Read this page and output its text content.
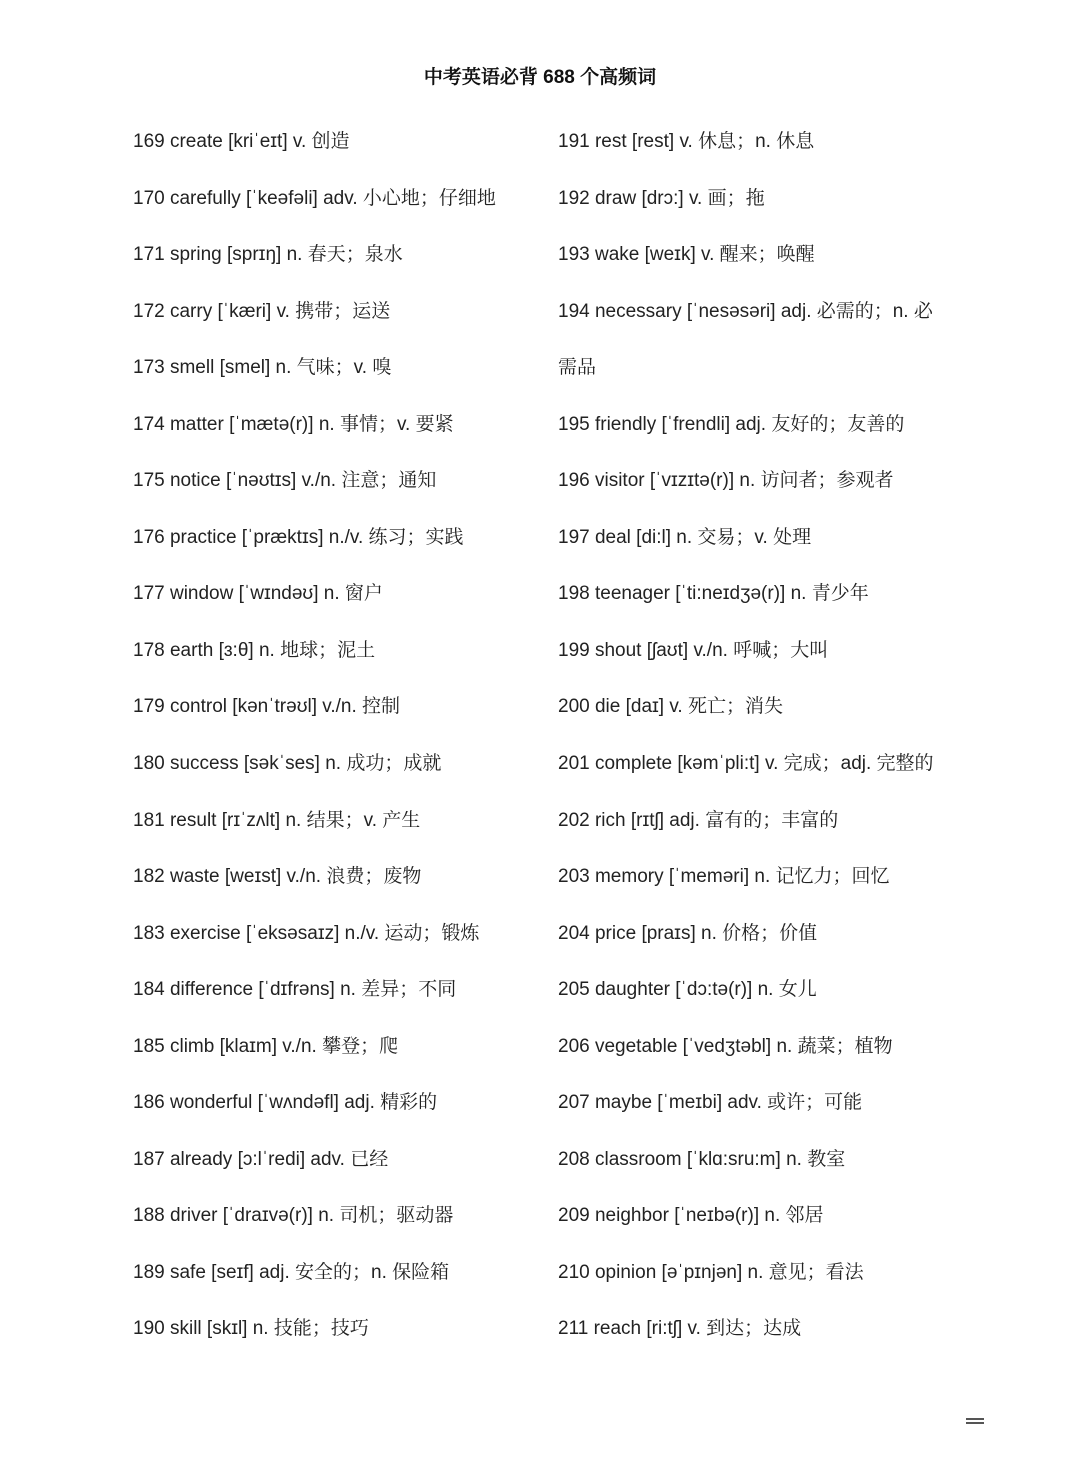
中考英语必背 688 个高频词
169 create [kriˈeɪt] v. 创造
170 carefully [ˈkeəfəli] adv. 小心地；仔细地
171 spring [sprɪŋ] n. 春天；泉水
172 carry [ˈkæri] v. 携带；运送
173 smell [smel] n. 气味；v. 嗅
174 matter [ˈmætə(r)] n. 事情；v. 要紧
175 notice [ˈnəʊtɪs] v./n. 注意；通知
176 practice [ˈpræktɪs] n./v. 练习；实践
177 window [ˈwɪndəʊ] n. 窗户
178 earth [ɜ:θ] n. 地球；泥土
179 control [kənˈtrəʊl] v./n. 控制
180 success [səkˈses] n. 成功；成就
181 result [rɪˈzʌlt] n. 结果；v. 产生
182 waste [weɪst] v./n. 浪费；废物
183 exercise [ˈeksəsaɪz] n./v. 运动；锻炼
184 difference [ˈdɪfrəns] n. 差异；不同
185 climb [klaɪm] v./n. 攀登；爬
186 wonderful [ˈwʌndəfl] adj. 精彩的
187 already [ɔ:lˈredi] adv. 已经
188 driver [ˈdraɪvə(r)] n. 司机；驱动器
189 safe [seɪf] adj. 安全的；n. 保险箱
190 skill [skɪl] n. 技能；技巧
191 rest [rest] v. 休息；n. 休息
192 draw [drɔ:] v. 画；拖
193 wake [weɪk] v. 醒来；唤醒
194 necessary [ˈnesəsəri] adj. 必需的；n. 必
需品
195 friendly [ˈfrendli] adj. 友好的；友善的
196 visitor [ˈvɪzɪtə(r)] n. 访问者；参观者
197 deal [di:l] n. 交易；v. 处理
198 teenager [ˈti:neɪdʒə(r)] n. 青少年
199 shout [ʃaʊt] v./n. 呼喊；大叫
200 die [daɪ] v. 死亡；消失
201 complete [kəmˈpli:t] v. 完成；adj. 完整的
202 rich [rɪtʃ] adj. 富有的；丰富的
203 memory [ˈmeməri] n. 记忆力；回忆
204 price [praɪs] n. 价格；价值
205 daughter [ˈdɔ:tə(r)] n. 女儿
206 vegetable [ˈvedʒtəbl] n. 蔬菜；植物
207 maybe [ˈmeɪbi] adv. 或许；可能
208 classroom [ˈklɑ:sru:m] n. 教室
209 neighbor [ˈneɪbə(r)] n. 邻居
210 opinion [əˈpɪnjən] n. 意见；看法
211 reach [ri:tʃ] v. 到达；达成
